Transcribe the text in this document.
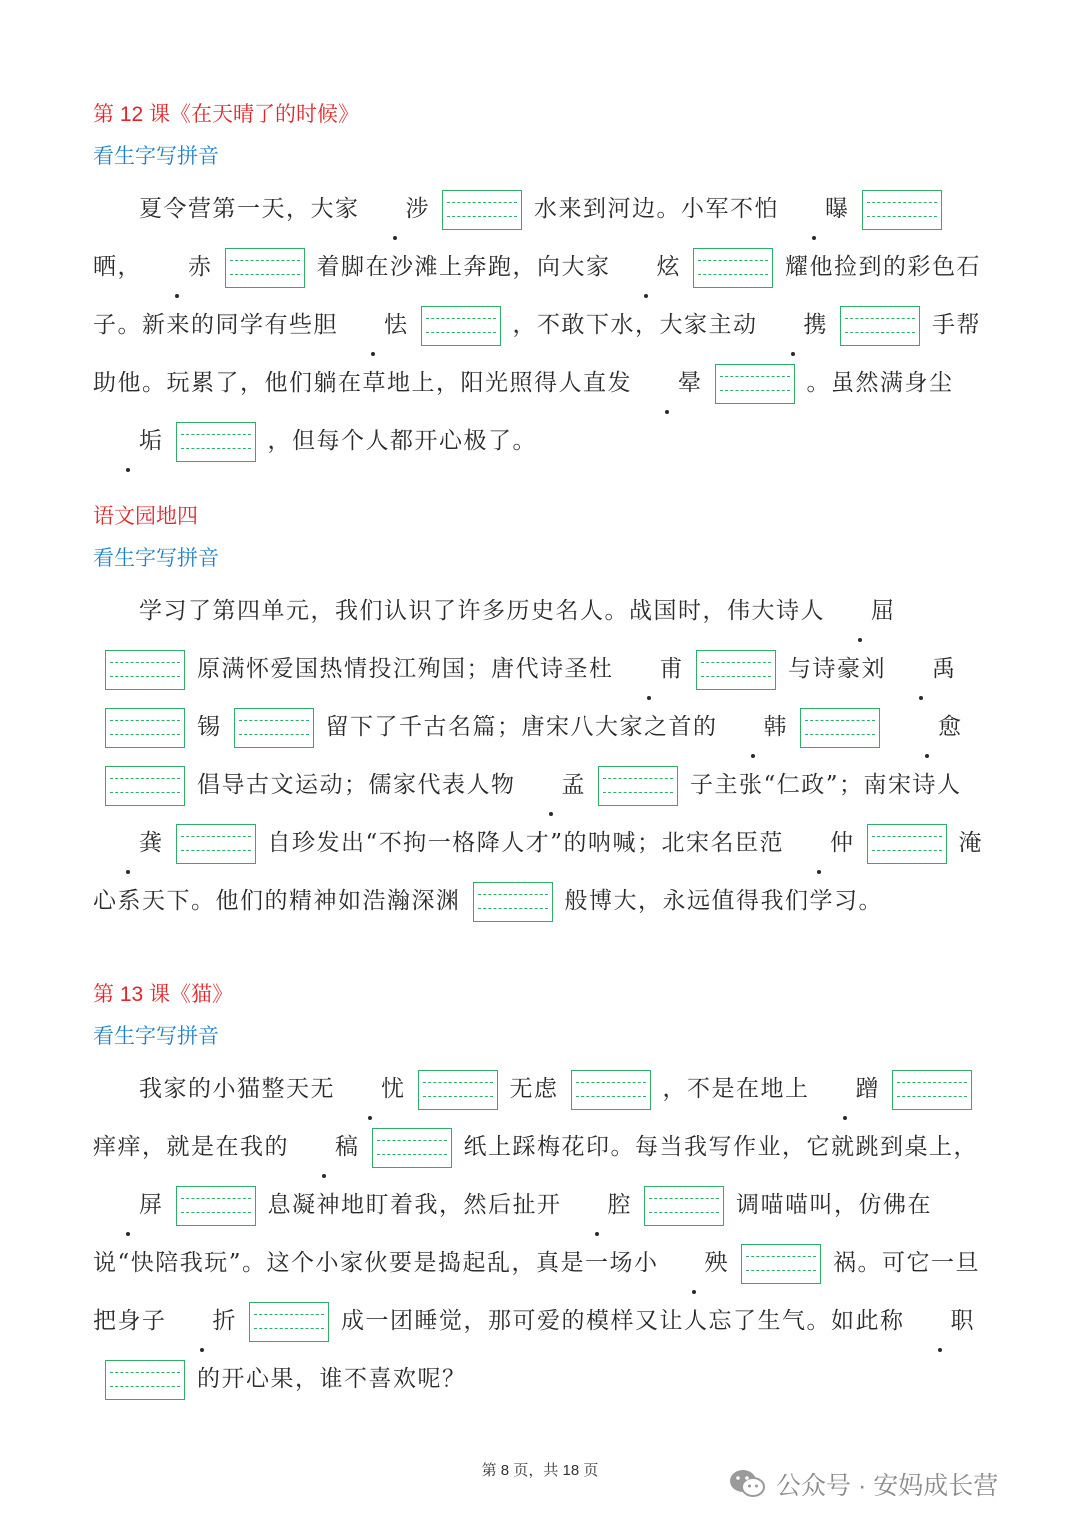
第 12 课《在天晴了的时候》
看生字写拼音
夏令营第一天，大家 涉	水来到河边。小军不怕 曝晒， 赤	着脚在沙滩上奔跑，向大家 炫	耀他捡到的彩色石子。新来的同学有些胆 怯	，不敢下水，大家主动 携	手帮助他。玩累了，他们躺在草地上，阳光照得人直发 晕	。虽然满身尘垢	，但每个人都开心极了。
语文园地四
看生字写拼音
学习了第四单元，我们认识了许多历史名人。战国时，伟大诗人 屈原满怀爱国热情投江殉国；唐代诗圣杜 甫	与诗豪刘 禹锡	留下了千古名篇；唐宋八大家之首的 韩	愈倡导古文运动；儒家代表人物 孟	子主张“仁政”；南宋诗人龚	自珍发出“不拘一格降人才”的呐喊；北宋名臣范 仲	淹心系天下。他们的精神如浩瀚深渊	般博大，永远值得我们学习。
第 13 课《猫》
看生字写拼音
我家的小猫整天无 忧	无虑	，不是在地上 蹭痒痒，就是在我的 稿	纸上踩梅花印。每当我写作业，它就跳到桌上，屏	息凝神地盯着我，然后扯开 腔	调喵喵叫，仿佛在说“快陪我玩”。这个小家伙要是捣起乱，真是一场小 殃	祸。可它一旦把身子 折	成一团睡觉，那可爱的模样又让人忘了生气。如此称 职的开心果，谁不喜欢呢？
第 8 页，共 18 页
公众号 · 安妈成长营
